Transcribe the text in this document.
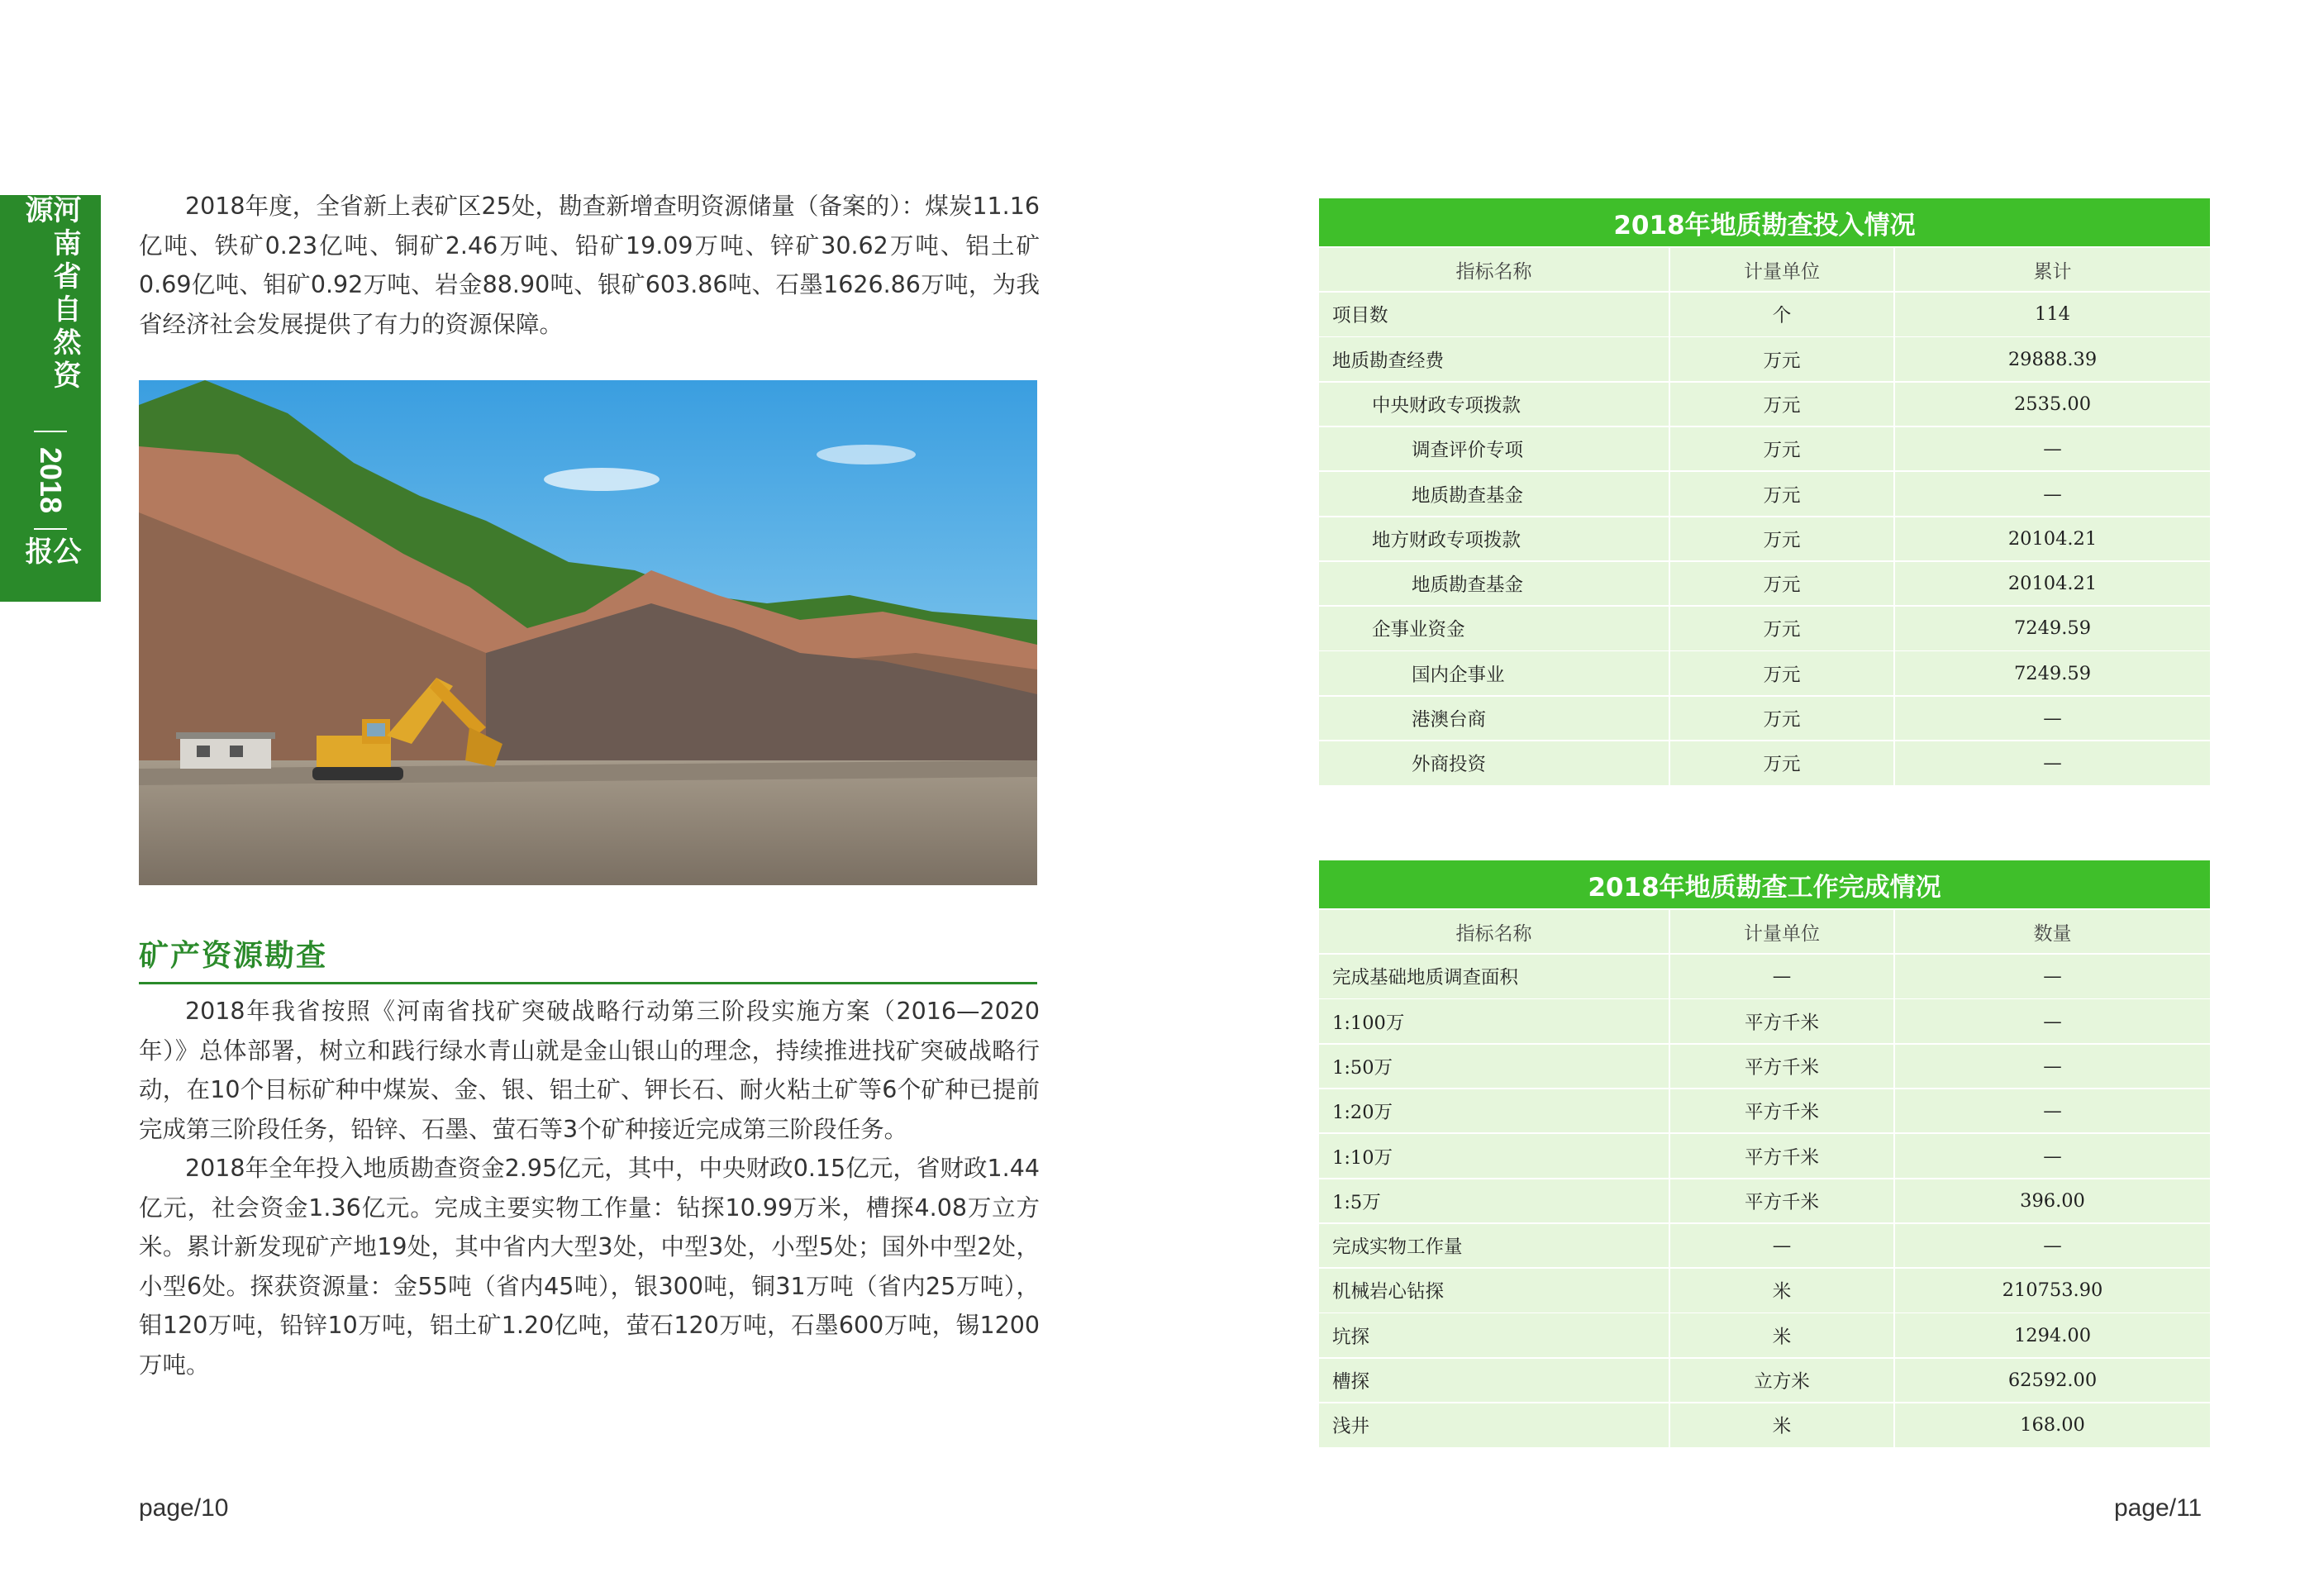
河南省自然资源
2018
公报

2018年度，全省新上表矿区25处，勘查新增查明资源储量（备案的）：煤炭11.16亿吨、铁矿0.23亿吨、铜矿2.46万吨、铅矿19.09万吨、锌矿30.62万吨、铝土矿0.69亿吨、钼矿0.92万吨、岩金88.90吨、银矿603.86吨、石墨1626.86万吨，为我省经济社会发展提供了有力的资源保障。

矿产资源勘查

2018年我省按照《河南省找矿突破战略行动第三阶段实施方案（2016—2020年）》总体部署，树立和践行绿水青山就是金山银山的理念，持续推进找矿突破战略行动，在10个目标矿种中煤炭、金、银、铝土矿、钾长石、耐火粘土矿等6个矿种已提前完成第三阶段任务，铅锌、石墨、萤石等3个矿种接近完成第三阶段任务。

2018年全年投入地质勘查资金2.95亿元，其中，中央财政0.15亿元，省财政1.44亿元，社会资金1.36亿元。完成主要实物工作量：钻探10.99万米，槽探4.08万立方米。累计新发现矿产地19处，其中省内大型3处，中型3处，小型5处；国外中型2处，小型6处。探获资源量：金55吨（省内45吨），银300吨，铜31万吨（省内25万吨），钼120万吨，铅锌10万吨，铝土矿1.20亿吨，萤石120万吨，石墨600万吨，锡1200万吨。

page/10	page/11
2018年地质勘查投入情况
指标名称	计量单位	累计
项目数	个	114
地质勘查经费	万元	29888.39
中央财政专项拨款	万元	2535.00
调查评价专项	万元	—
地质勘查基金	万元	—
地方财政专项拨款	万元	20104.21
地质勘查基金	万元	20104.21
企事业资金	万元	7249.59
国内企事业	万元	7249.59
港澳台商	万元	—
外商投资	万元	—
2018年地质勘查工作完成情况
指标名称	计量单位	数量
完成基础地质调查面积	—	—
1:100万	平方千米	—
1:50万	平方千米	—
1:20万	平方千米	—
1:10万	平方千米	—
1:5万	平方千米	396.00
完成实物工作量	—	—
机械岩心钻探	米	210753.90
坑探	米	1294.00
槽探	立方米	62592.00
浅井	米	168.00
